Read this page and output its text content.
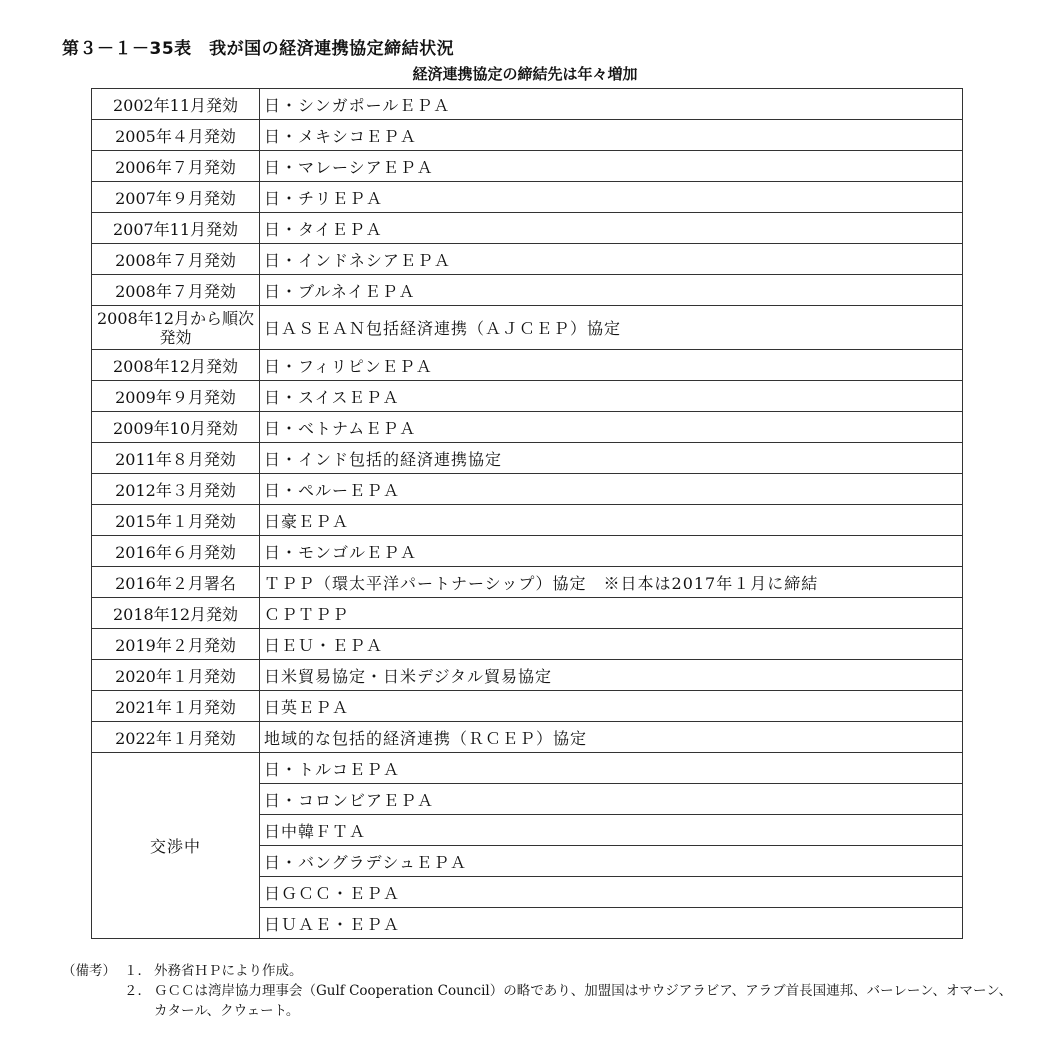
第３－１－35表　我が国の経済連携協定締結状況
経済連携協定の締結先は年々増加
2002年11月発効	日・シンガポールＥＰＡ
2005年４月発効	日・メキシコＥＰＡ
2006年７月発効	日・マレーシアＥＰＡ
2007年９月発効	日・チリＥＰＡ
2007年11月発効	日・タイＥＰＡ
2008年７月発効	日・インドネシアＥＰＡ
2008年７月発効	日・ブルネイＥＰＡ
2008年12月から順次発効	日ＡＳＥＡＮ包括経済連携（ＡＪＣＥＰ）協定
2008年12月発効	日・フィリピンＥＰＡ
2009年９月発効	日・スイスＥＰＡ
2009年10月発効	日・ベトナムＥＰＡ
2011年８月発効	日・インド包括的経済連携協定
2012年３月発効	日・ペルーＥＰＡ
2015年１月発効	日豪ＥＰＡ
2016年６月発効	日・モンゴルＥＰＡ
2016年２月署名	ＴＰＰ（環太平洋パートナーシップ）協定　※日本は2017年１月に締結
2018年12月発効	ＣＰＴＰＰ
2019年２月発効	日ＥＵ・ＥＰＡ
2020年１月発効	日米貿易協定・日米デジタル貿易協定
2021年１月発効	日英ＥＰＡ
2022年１月発効	地域的な包括的経済連携（ＲＣＥＰ）協定
交渉中	日・トルコＥＰＡ
	日・コロンビアＥＰＡ
	日中韓ＦＴＡ
	日・バングラデシュＥＰＡ
	日ＧＣＣ・ＥＰＡ
	日ＵＡＥ・ＥＰＡ
（備考） １． 外務省ＨＰにより作成。
２． ＧＣＣは湾岸協力理事会（Gulf Cooperation Council）の略であり、加盟国はサウジアラビア、アラブ首長国連邦、バーレーン、オマーン、カタール、クウェート。
